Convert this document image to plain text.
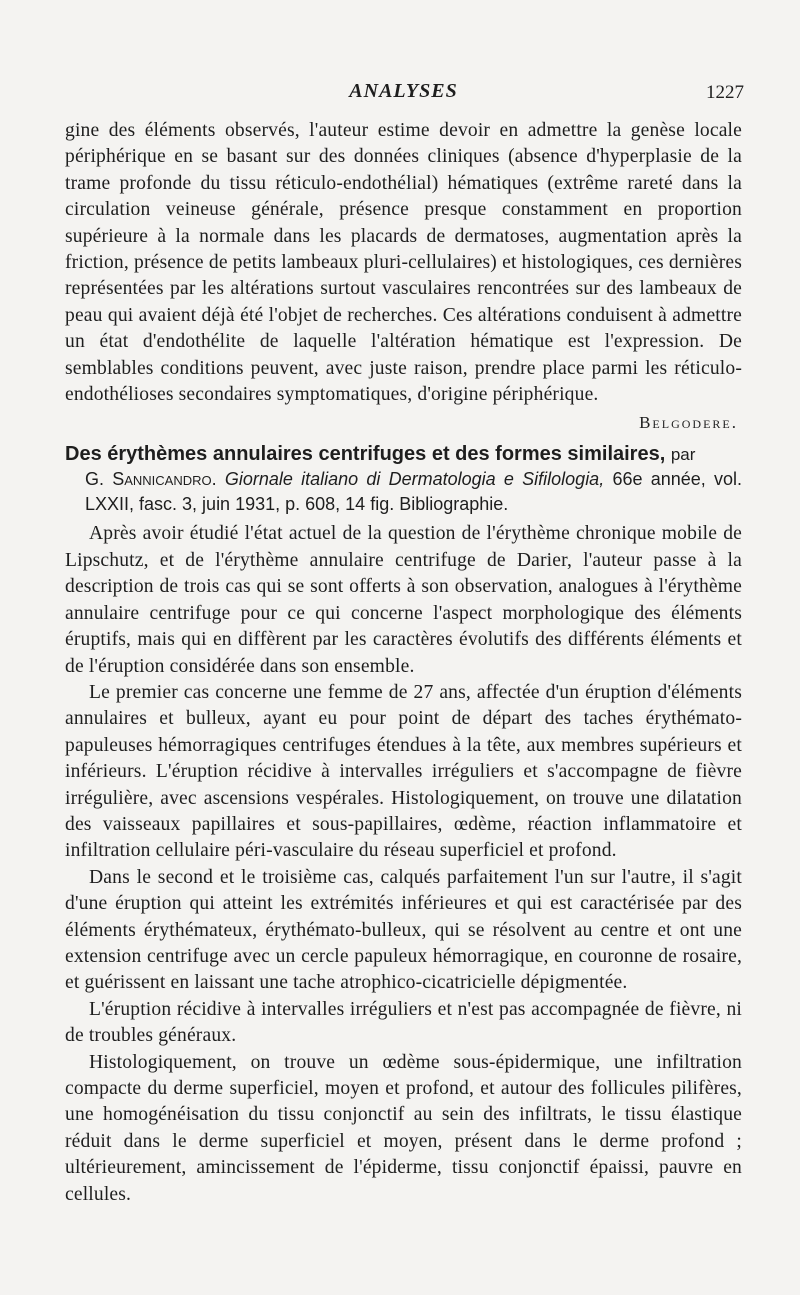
ANALYSES	1227

gine des éléments observés, l'auteur estime devoir en admettre la genèse locale périphérique en se basant sur des données cliniques (absence d'hyperplasie de la trame profonde du tissu réticulo-endothélial) hématiques (extrême rareté dans la circulation veineuse générale, présence presque constamment en proportion supérieure à la normale dans les placards de dermatoses, augmentation après la friction, présence de petits lambeaux pluri-cellulaires) et histologiques, ces dernières représentées par les altérations surtout vasculaires rencontrées sur des lambeaux de peau qui avaient déjà été l'objet de recherches. Ces altérations conduisent à admettre un état d'endothélite de laquelle l'altération hématique est l'expression. De semblables conditions peuvent, avec juste raison, prendre place parmi les réticulo-endothélioses secondaires symptomatiques, d'origine périphérique.

Belgodere.
Des érythèmes annulaires centrifuges et des formes similaires, par
G. Sannicandro. Giornale italiano di Dermatologia e Sifilologia, 66e année, vol. LXXII, fasc. 3, juin 1931, p. 608, 14 fig. Bibliographie.

Après avoir étudié l'état actuel de la question de l'érythème chronique mobile de Lipschutz, et de l'érythème annulaire centrifuge de Darier, l'auteur passe à la description de trois cas qui se sont offerts à son observation, analogues à l'érythème annulaire centrifuge pour ce qui concerne l'aspect morphologique des éléments éruptifs, mais qui en diffèrent par les caractères évolutifs des différents éléments et de l'éruption considérée dans son ensemble.

Le premier cas concerne une femme de 27 ans, affectée d'un éruption d'éléments annulaires et bulleux, ayant eu pour point de départ des taches érythémato-papuleuses hémorragiques centrifuges étendues à la tête, aux membres supérieurs et inférieurs. L'éruption récidive à intervalles irréguliers et s'accompagne de fièvre irrégulière, avec ascensions vespérales. Histologiquement, on trouve une dilatation des vaisseaux papillaires et sous-papillaires, œdème, réaction inflammatoire et infiltration cellulaire péri-vasculaire du réseau superficiel et profond.

Dans le second et le troisième cas, calqués parfaitement l'un sur l'autre, il s'agit d'une éruption qui atteint les extrémités inférieures et qui est caractérisée par des éléments érythémateux, érythémato-bulleux, qui se résolvent au centre et ont une extension centrifuge avec un cercle papuleux hémorragique, en couronne de rosaire, et guérissent en laissant une tache atrophico-cicatricielle dépigmentée.

L'éruption récidive à intervalles irréguliers et n'est pas accompagnée de fièvre, ni de troubles généraux.

Histologiquement, on trouve un œdème sous-épidermique, une infiltration compacte du derme superficiel, moyen et profond, et autour des follicules pilifères, une homogénéisation du tissu conjonctif au sein des infiltrats, le tissu élastique réduit dans le derme superficiel et moyen, présent dans le derme profond ; ultérieurement, amincissement de l'épiderme, tissu conjonctif épaissi, pauvre en cellules.
